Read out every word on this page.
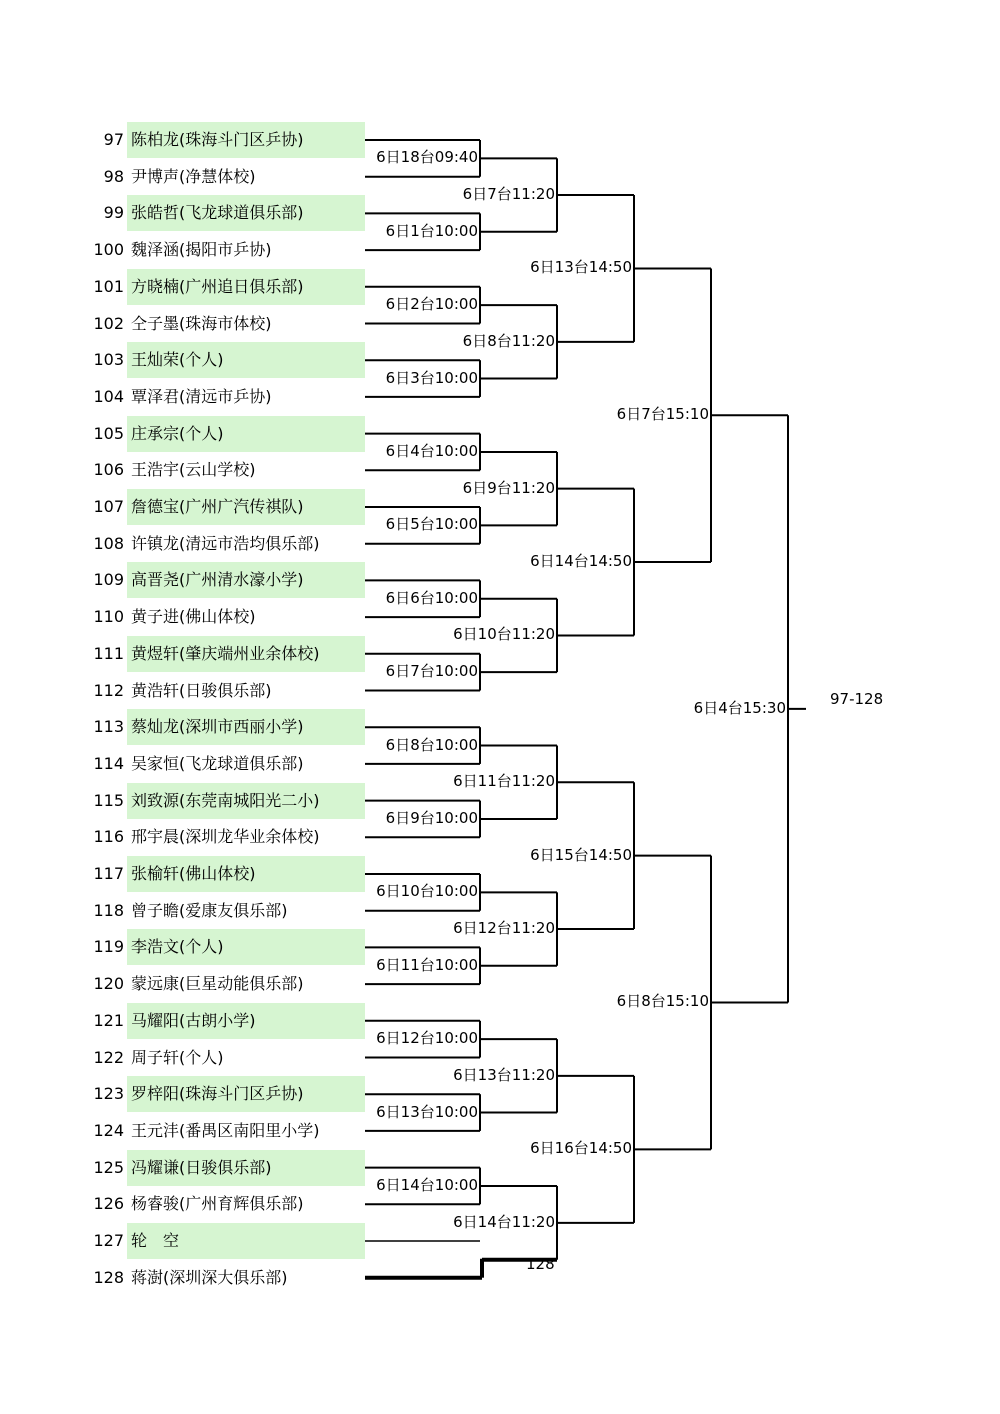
97 陈柏龙(珠海斗门区乒协)
98 尹博声(净慧体校)
99 张皓哲(飞龙球道俱乐部)
100 魏泽涵(揭阳市乒协)
101 方晓楠(广州追日俱乐部)
102 仝子墨(珠海市体校)
103 王灿荣(个人)
104 覃泽君(清远市乒协)
105 庄承宗(个人)
106 王浩宇(云山学校)
107 詹德宝(广州广汽传祺队)
108 许镇龙(清远市浩均俱乐部)
109 高晋尧(广州清水濠小学)
110 黄子进(佛山体校)
111 黄煜轩(肇庆端州业余体校)
112 黄浩轩(日骏俱乐部)
113 蔡灿龙(深圳市西丽小学)
114 吴家恒(飞龙球道俱乐部)
115 刘致源(东莞南城阳光二小)
116 邢宇晨(深圳龙华业余体校)
117 张榆轩(佛山体校)
118 曾子瞻(爱康友俱乐部)
119 李浩文(个人)
120 蒙远康(巨星动能俱乐部)
121 马耀阳(古朗小学)
122 周子轩(个人)
123 罗梓阳(珠海斗门区乒协)
124 王元沣(番禺区南阳里小学)
125 冯耀谦(日骏俱乐部)
126 杨睿骏(广州育辉俱乐部)
127 轮　空
128 蒋澍(深圳深大俱乐部)
6日18台09:40
6日1台10:00
6日2台10:00
6日3台10:00
6日4台10:00
6日5台10:00
6日6台10:00
6日7台10:00
6日8台10:00
6日9台10:00
6日10台10:00
6日11台10:00
6日12台10:00
6日13台10:00
6日14台10:00
6日7台11:20
6日8台11:20
6日9台11:20
6日10台11:20
6日11台11:20
6日12台11:20
6日13台11:20
6日14台11:20
6日13台14:50
6日14台14:50
6日15台14:50
6日16台14:50
6日7台15:10
6日8台15:10
6日4台15:30	97-128
128
